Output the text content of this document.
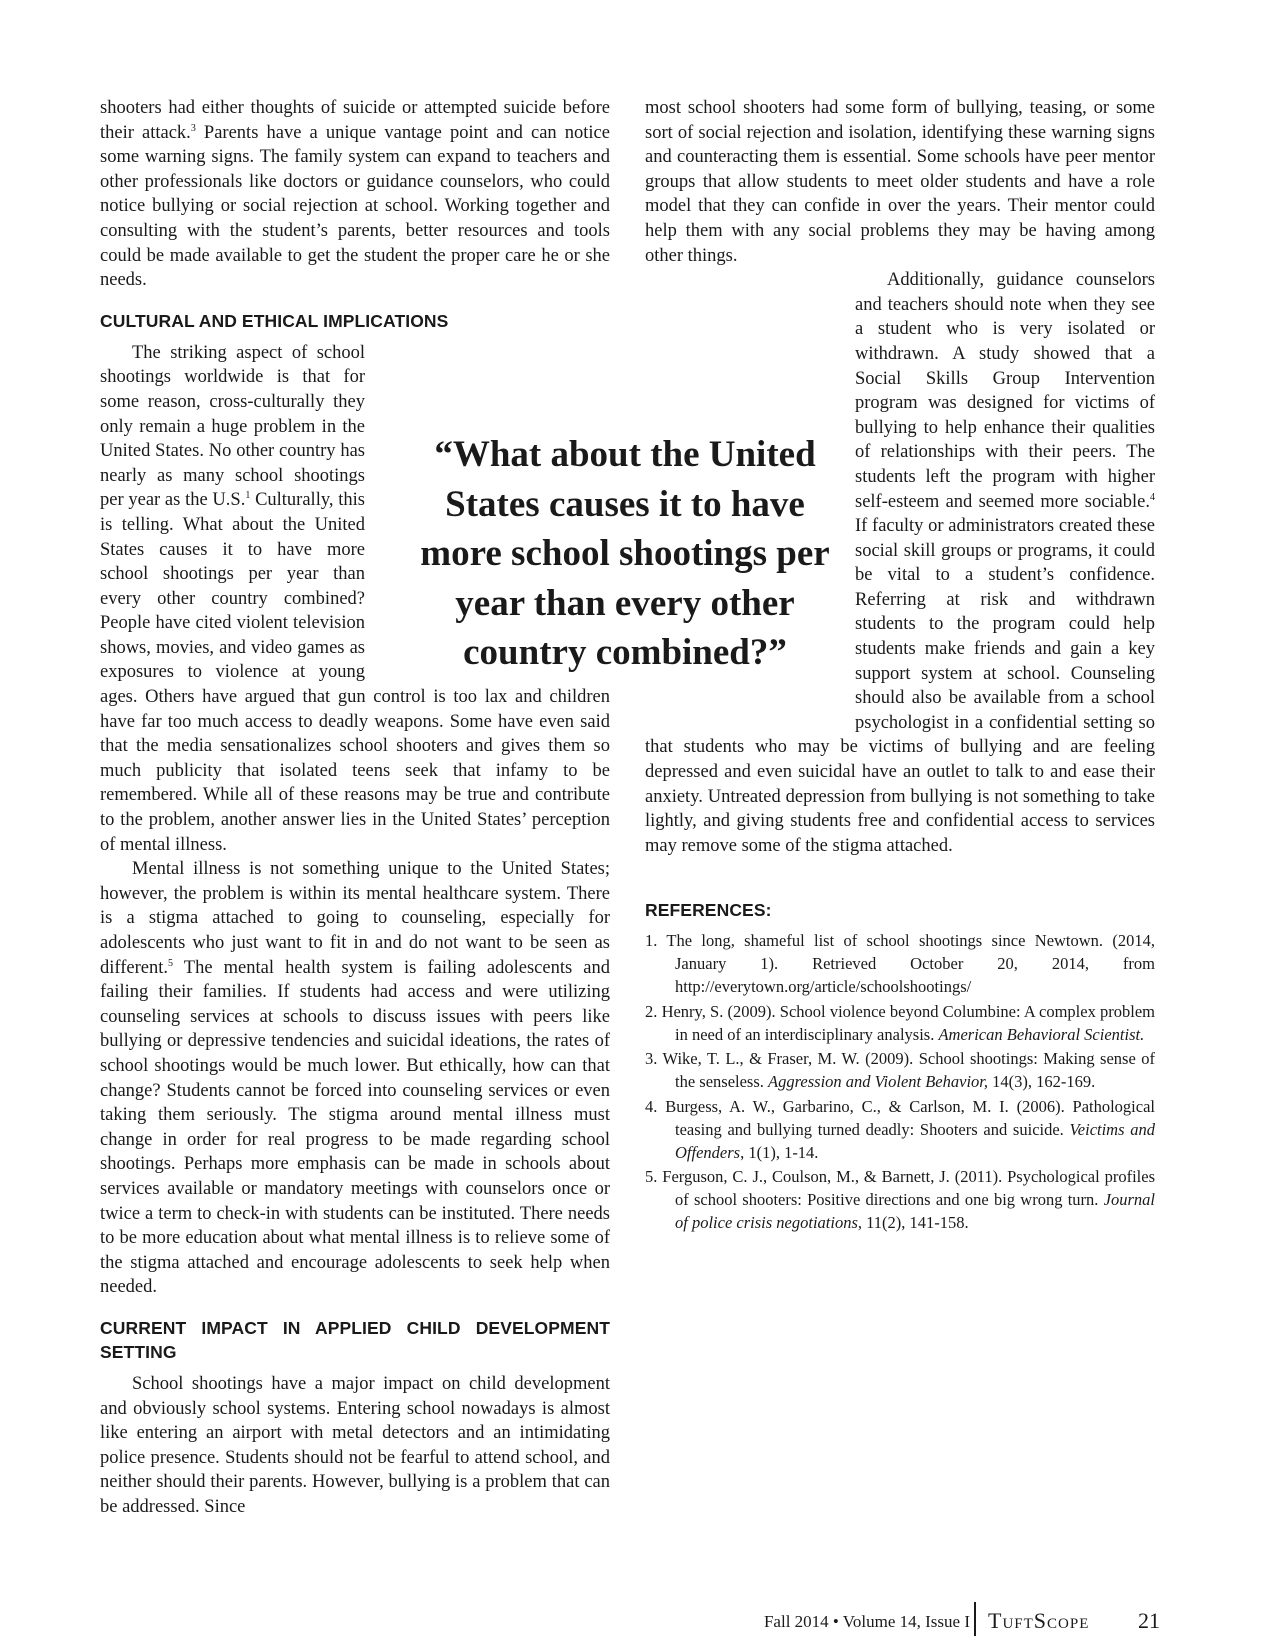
shooters had either thoughts of suicide or attempted suicide before their attack.$^3$ Parents have a unique vantage point and can notice some warning signs. The family system can expand to teachers and other professionals like doctors or guidance counselors, who could notice bullying or social rejection at school. Working together and consulting with the student’s parents, better resources and tools could be made available to get the student the proper care he or she needs.

CULTURAL AND ETHICAL IMPLICATIONS

The striking aspect of school shootings worldwide is that for some reason, cross-culturally they only remain a huge problem in the United States. No other country has nearly as many school shootings per year as the U.S.$^1$ Culturally, this is telling. What about the United States causes it to have more school shootings per year than every other country combined? People have cited violent television shows, movies, and video games as exposures to violence at young ages. Others have argued that gun control is too lax and children have far too much access to deadly weapons. Some have even said that the media sensationalizes school shooters and gives them so much publicity that isolated teens seek that infamy to be remembered. While all of these reasons may be true and contribute to the problem, another answer lies in the United States’ perception of mental illness.

Mental illness is not something unique to the United States; however, the problem is within its mental healthcare system. There is a stigma attached to going to counseling, especially for adolescents who just want to fit in and do not want to be seen as different.$^5$ The mental health system is failing adolescents and failing their families. If students had access and were utilizing counseling services at schools to discuss issues with peers like bullying or depressive tendencies and suicidal ideations, the rates of school shootings would be much lower. But ethically, how can that change? Students cannot be forced into counseling services or even taking them seriously. The stigma around mental illness must change in order for real progress to be made regarding school shootings. Perhaps more emphasis can be made in schools about services available or mandatory meetings with counselors once or twice a term to check-in with students can be instituted. There needs to be more education about what mental illness is to relieve some of the stigma attached and encourage adolescents to seek help when needed.

CURRENT IMPACT IN APPLIED CHILD DEVELOPMENT SETTING

School shootings have a major impact on child development and obviously school systems. Entering school nowadays is almost like entering an airport with metal detectors and an intimidating police presence. Students should not be fearful to attend school, and neither should their parents. However, bullying is a problem that can be addressed. Since

most school shooters had some form of bullying, teasing, or some sort of social rejection and isolation, identifying these warning signs and counteracting them is essential. Some schools have peer mentor groups that allow students to meet older students and have a role model that they can confide in over the years. Their mentor could help them with any social problems they may be having among other things.

Additionally, guidance counselors and teachers should note when they see a student who is very isolated or withdrawn. A study showed that a Social Skills Group Intervention program was designed for victims of bullying to help enhance their qualities of relationships with their peers. The students left the program with higher self-esteem and seemed more sociable.$^4$ If faculty or administrators created these social skill groups or programs, it could be vital to a student’s confidence. Referring at risk and withdrawn students to the program could help students make friends and gain a key support system at school. Counseling should also be available from a school psychologist in a confidential setting so that students who may be victims of bullying and are feeling depressed and even suicidal have an outlet to talk to and ease their anxiety. Untreated depression from bullying is not something to take lightly, and giving students free and confidential access to services may remove some of the stigma attached.

REFERENCES:
1. The long, shameful list of school shootings since Newtown. (2014, January 1). Retrieved October 20, 2014, from http://everytown.org/article/schoolshootings/
2. Henry, S. (2009). School violence beyond Columbine: A complex problem in need of an interdisciplinary analysis. American Behavioral Scientist.
3. Wike, T. L., & Fraser, M. W. (2009). School shootings: Making sense of the senseless. Aggression and Violent Behavior, 14(3), 162-169.
4. Burgess, A. W., Garbarino, C., & Carlson, M. I. (2006). Pathological teasing and bullying turned deadly: Shooters and suicide. Veictims and Offenders, 1(1), 1-14.
5. Ferguson, C. J., Coulson, M., & Barnett, J. (2011). Psychological profiles of school shooters: Positive directions and one big wrong turn. Journal of police crisis negotiations, 11(2), 141-158.
“What about the United States causes it to have more school shootings per year than every other country combined?”
Fall 2014 • Volume 14, Issue I TuftScope 21
